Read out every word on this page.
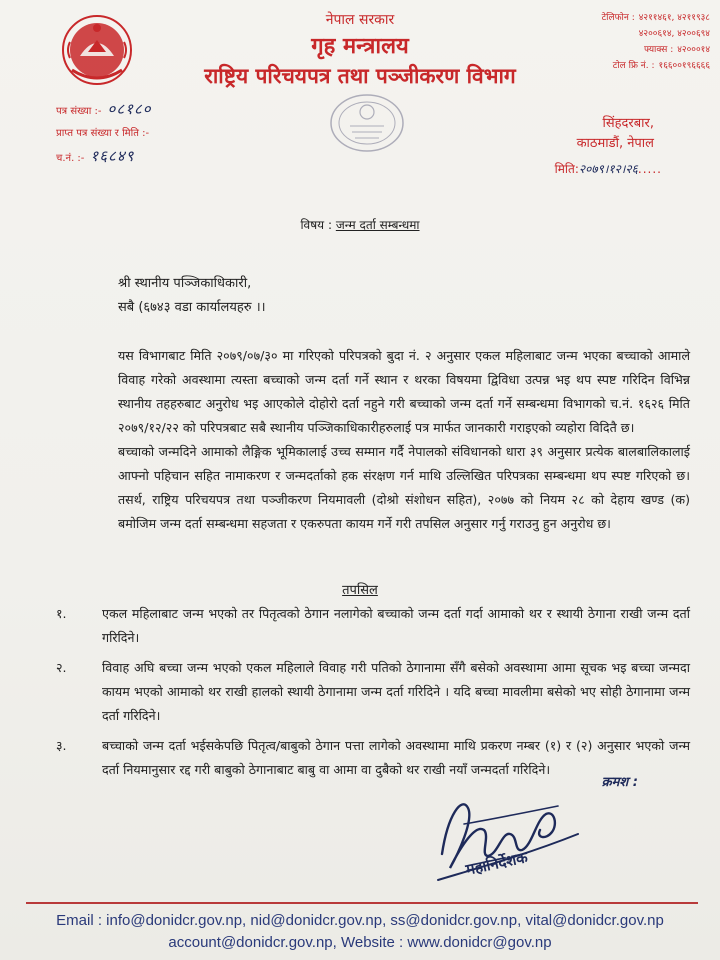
नेपाल सरकार
गृह मन्त्रालय
राष्ट्रिय परिचयपत्र तथा पञ्जीकरण विभाग
टेलिफोन : ४२११४६१, ४२११९३८
४२००६१४, ४२००६९४
फ्याक्स : ४२०००१४
टोल फ्रि नं. : १६६००१९६६६६
पत्र संख्या :- ०८१८०
प्राप्त पत्र संख्या र मिति :-
च.नं. :- १६८४९
सिंहदरबार,
काठमाडौं, नेपाल
मिति:२०७९।१२।२६.....
विषय : जन्म दर्ता सम्बन्धमा
श्री स्थानीय पञ्जिकाधिकारी,
सबै (६७४३ वडा कार्यालयहरु ।।

यस विभागबाट मिति २०७९/०७/३० मा गरिएको परिपत्रको बुदा नं. २ अनुसार एकल महिलाबाट जन्म भएका बच्चाको आमाले विवाह गरेको अवस्थामा त्यस्ता बच्चाको जन्म दर्ता गर्ने स्थान र थरका विषयमा द्विविधा उत्पन्न भइ थप स्पष्ट गरिदिन विभिन्न स्थानीय तहहरुबाट अनुरोध भइ आएकोले दोहोरो दर्ता नहुने गरी बच्चाको जन्म दर्ता गर्ने सम्बन्धमा विभागको च.नं. १६२६ मिति २०७९/१२/२२ को परिपत्रबाट सबै स्थानीय पञ्जिकाधिकारीहरुलाई पत्र मार्फत जानकारी गराइएको व्यहोरा विदितै छ।

बच्चाको जन्मदिने आमाको लैङ्गिक भूमिकालाई उच्च सम्मान गर्दै नेपालको संविधानको धारा ३९ अनुसार प्रत्येक बालबालिकालाई आफ्नो पहिचान सहित नामाकरण र जन्मदर्ताको हक संरक्षण गर्न माथि उल्लिखित परिपत्रका सम्बन्धमा थप स्पष्ट गरिएको छ।तसर्थ, राष्ट्रिय परिचयपत्र तथा पञ्जीकरण नियमावली (दोश्रो संशोधन सहित), २०७७ को नियम २८ को देहाय खण्ड (क) बमोजिम जन्म दर्ता सम्बन्धमा सहजता र एकरुपता कायम गर्ने गरी तपसिल अनुसार गर्नु गराउनु हुन अनुरोध छ।

तपसिल
१.	एकल महिलाबाट जन्म भएको तर पितृत्वको ठेगान नलागेको बच्चाको जन्म दर्ता गर्दा आमाको थर र स्थायी ठेगाना राखी जन्म दर्ता गरिदिने।
२.	विवाह अघि बच्चा जन्म भएको एकल महिलाले विवाह गरी पतिको ठेगानामा सँगै बसेको अवस्थामा आमा सूचक भइ बच्चा जन्मदा कायम भएको आमाको थर राखी हालको स्थायी ठेगानामा जन्म दर्ता गरिदिने । यदि बच्चा मावलीमा बसेको भए सोही ठेगानामा जन्म दर्ता गरिदिने।
३.	बच्चाको जन्म दर्ता भईसकेपछि पितृत्व/बाबुको ठेगान पत्ता लागेको अवस्थामा माथि प्रकरण नम्बर (१) र (२) अनुसार भएको जन्म दर्ता नियमानुसार रद्द गरी बाबुको ठेगानाबाट बाबु वा आमा वा दुबैको थर राखी नयाँ जन्मदर्ता गरिदिने।
क्रमश :
महानिर्देशक
Email : info@donidcr.gov.np, nid@donidcr.gov.np, ss@donidcr.gov.np, vital@donidcr.gov.np
account@donidcr.gov.np, Website : www.donidcr@gov.np
